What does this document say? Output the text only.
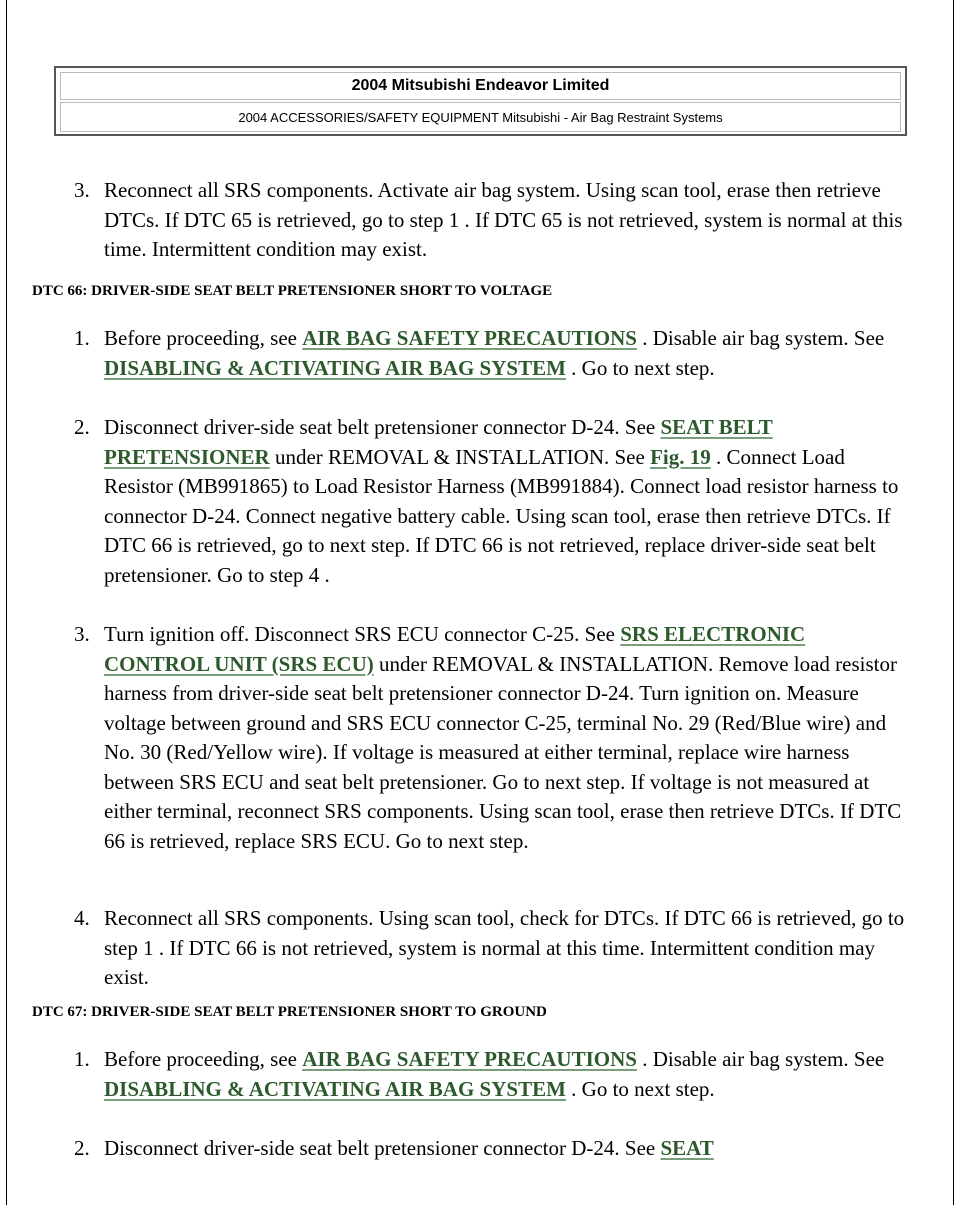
2004 Mitsubishi Endeavor Limited
2004 ACCESSORIES/SAFETY EQUIPMENT Mitsubishi - Air Bag Restraint Systems
3. Reconnect all SRS components. Activate air bag system. Using scan tool, erase then retrieve DTCs. If DTC 65 is retrieved, go to step 1 . If DTC 65 is not retrieved, system is normal at this time. Intermittent condition may exist.
DTC 66: DRIVER-SIDE SEAT BELT PRETENSIONER SHORT TO VOLTAGE
1. Before proceeding, see AIR BAG SAFETY PRECAUTIONS . Disable air bag system. See DISABLING & ACTIVATING AIR BAG SYSTEM . Go to next step.
2. Disconnect driver-side seat belt pretensioner connector D-24. See SEAT BELT PRETENSIONER under REMOVAL & INSTALLATION. See Fig. 19 . Connect Load Resistor (MB991865) to Load Resistor Harness (MB991884). Connect load resistor harness to connector D-24. Connect negative battery cable. Using scan tool, erase then retrieve DTCs. If DTC 66 is retrieved, go to next step. If DTC 66 is not retrieved, replace driver-side seat belt pretensioner. Go to step 4 .
3. Turn ignition off. Disconnect SRS ECU connector C-25. See SRS ELECTRONIC CONTROL UNIT (SRS ECU) under REMOVAL & INSTALLATION. Remove load resistor harness from driver-side seat belt pretensioner connector D-24. Turn ignition on. Measure voltage between ground and SRS ECU connector C-25, terminal No. 29 (Red/Blue wire) and No. 30 (Red/Yellow wire). If voltage is measured at either terminal, replace wire harness between SRS ECU and seat belt pretensioner. Go to next step. If voltage is not measured at either terminal, reconnect SRS components. Using scan tool, erase then retrieve DTCs. If DTC 66 is retrieved, replace SRS ECU. Go to next step.
4. Reconnect all SRS components. Using scan tool, check for DTCs. If DTC 66 is retrieved, go to step 1 . If DTC 66 is not retrieved, system is normal at this time. Intermittent condition may exist.
DTC 67: DRIVER-SIDE SEAT BELT PRETENSIONER SHORT TO GROUND
1. Before proceeding, see AIR BAG SAFETY PRECAUTIONS . Disable air bag system. See DISABLING & ACTIVATING AIR BAG SYSTEM . Go to next step.
2. Disconnect driver-side seat belt pretensioner connector D-24. See SEAT
